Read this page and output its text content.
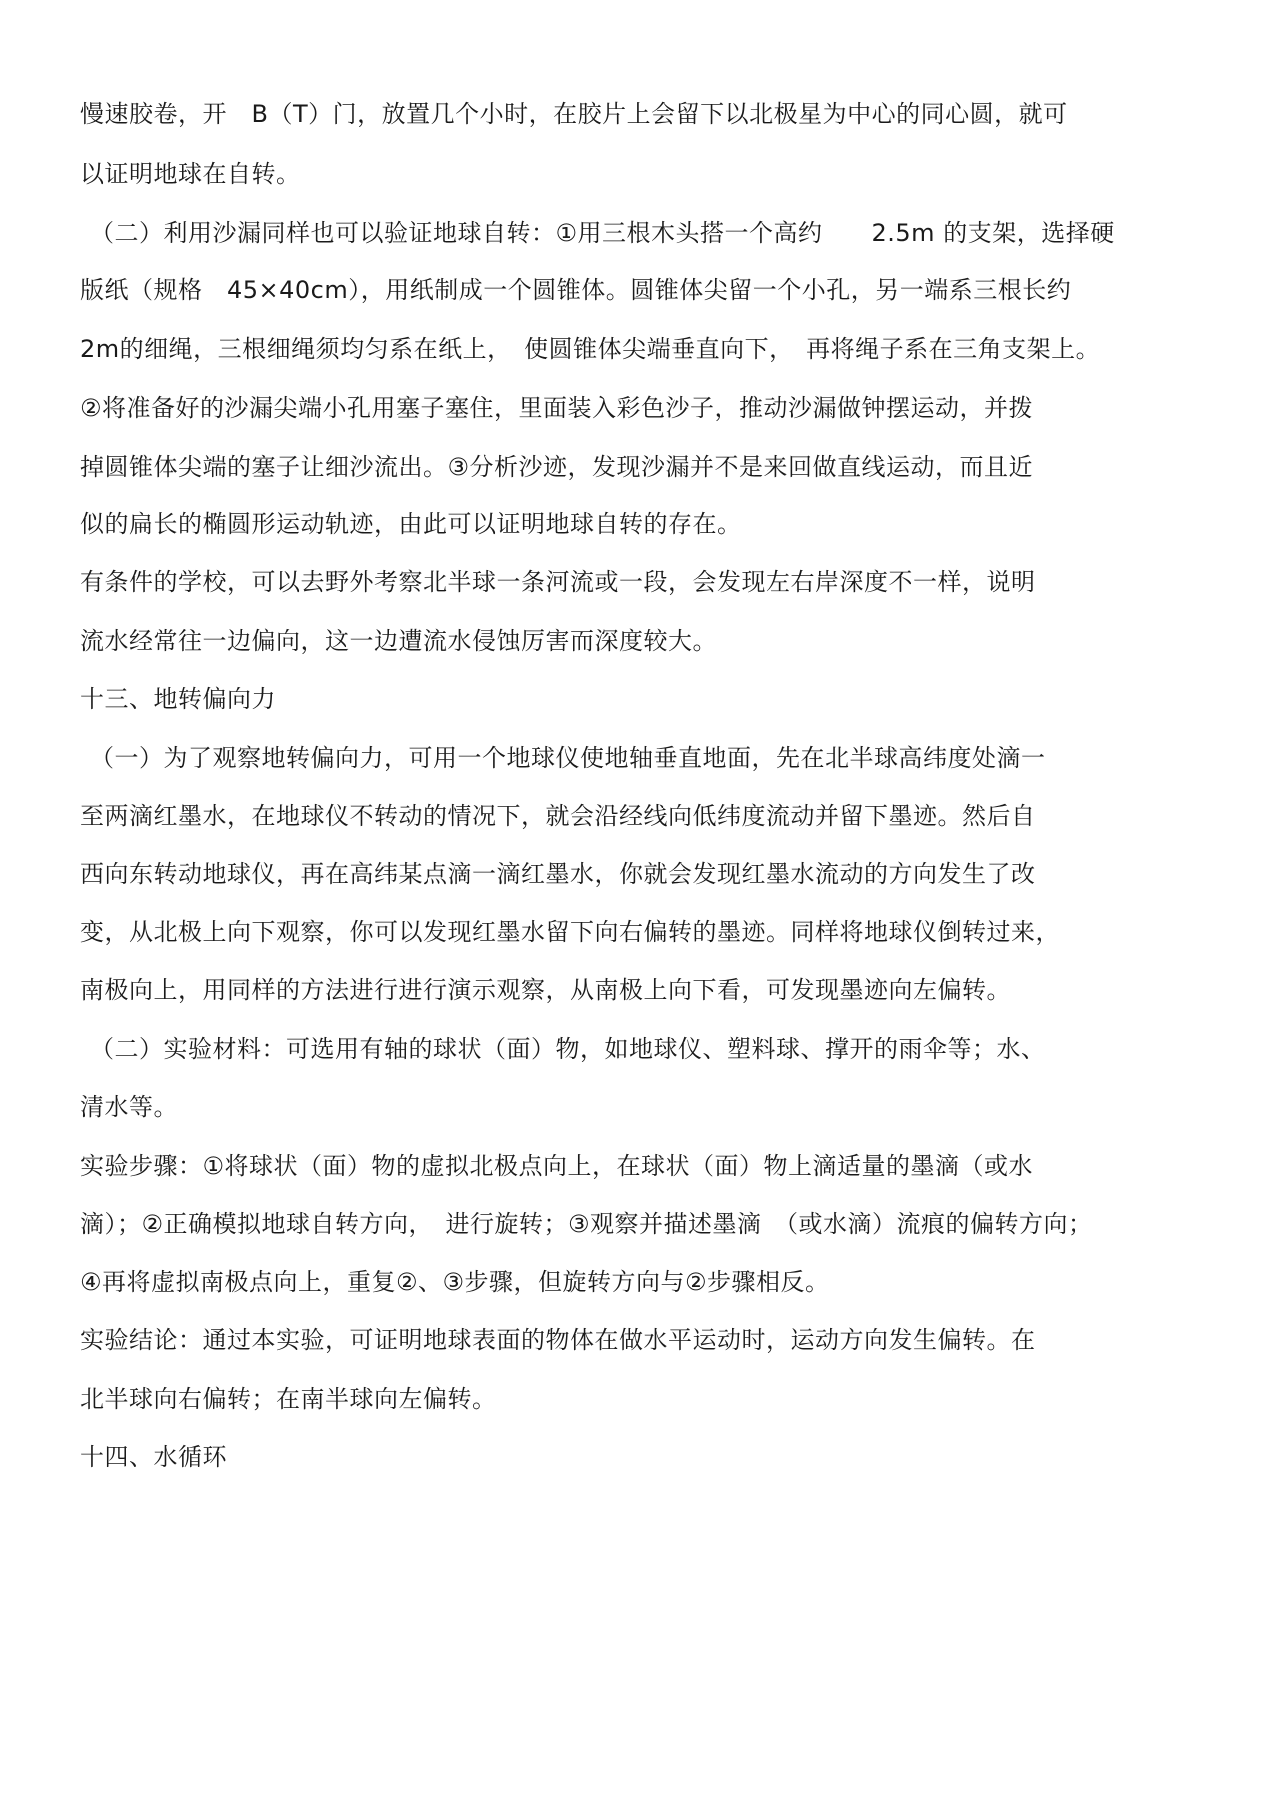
慢速胶卷，开　B（T）门，放置几个小时，在胶片上会留下以北极星为中心的同心圆，就可
以证明地球在自转。
（二）利用沙漏同样也可以验证地球自转：①用三根木头搭一个高约　　2.5m 的支架，选择硬
版纸（规格　45×40cm），用纸制成一个圆锥体。圆锥体尖留一个小孔，另一端系三根长约
2m的细绳，三根细绳须均匀系在纸上，　使圆锥体尖端垂直向下，　再将绳子系在三角支架上。
②将准备好的沙漏尖端小孔用塞子塞住，里面装入彩色沙子，推动沙漏做钟摆运动，并拨
掉圆锥体尖端的塞子让细沙流出。③分析沙迹，发现沙漏并不是来回做直线运动，而且近
似的扁长的椭圆形运动轨迹，由此可以证明地球自转的存在。
有条件的学校，可以去野外考察北半球一条河流或一段，会发现左右岸深度不一样，说明
流水经常往一边偏向，这一边遭流水侵蚀厉害而深度较大。
十三、地转偏向力
（一）为了观察地转偏向力，可用一个地球仪使地轴垂直地面，先在北半球高纬度处滴一
至两滴红墨水，在地球仪不转动的情况下，就会沿经线向低纬度流动并留下墨迹。然后自
西向东转动地球仪，再在高纬某点滴一滴红墨水，你就会发现红墨水流动的方向发生了改
变，从北极上向下观察，你可以发现红墨水留下向右偏转的墨迹。同样将地球仪倒转过来，
南极向上，用同样的方法进行进行演示观察，从南极上向下看，可发现墨迹向左偏转。
（二）实验材料：可选用有轴的球状（面）物，如地球仪、塑料球、撑开的雨伞等；水、
清水等。
实验步骤：①将球状（面）物的虚拟北极点向上，在球状（面）物上滴适量的墨滴（或水
滴）；②正确模拟地球自转方向，　进行旋转；③观察并描述墨滴　（或水滴）流痕的偏转方向；
④再将虚拟南极点向上，重复②、③步骤，但旋转方向与②步骤相反。
实验结论：通过本实验，可证明地球表面的物体在做水平运动时，运动方向发生偏转。在
北半球向右偏转；在南半球向左偏转。
十四、水循环
